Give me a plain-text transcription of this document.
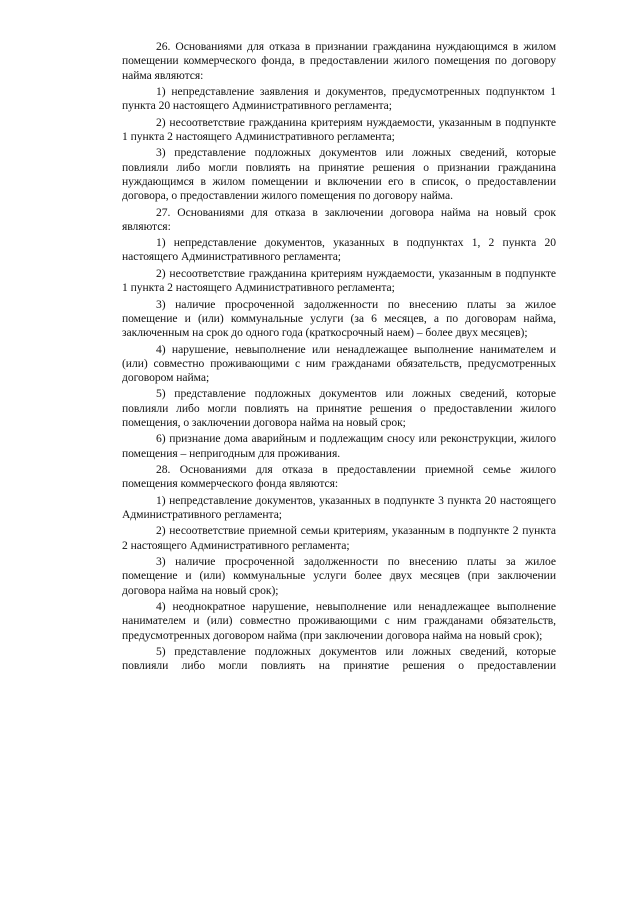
26. Основаниями для отказа в признании гражданина нуждающимся в жилом помещении коммерческого фонда, в предоставлении жилого помещения по договору найма являются:

1) непредставление заявления и документов, предусмотренных подпунктом 1 пункта 20 настоящего Административного регламента;

2) несоответствие гражданина критериям нуждаемости, указанным в подпункте 1 пункта 2 настоящего Административного регламента;

3) представление подложных документов или ложных сведений, которые повлияли либо могли повлиять на принятие решения о признании гражданина нуждающимся в жилом помещении и включении его в список, о предоставлении договора, о предоставлении жилого помещения по договору найма.

27. Основаниями для отказа в заключении договора найма на новый срок являются:

1) непредставление документов, указанных в подпунктах 1, 2 пункта 20 настоящего Административного регламента;

2) несоответствие гражданина критериям нуждаемости, указанным в подпункте 1 пункта 2 настоящего Административного регламента;

3) наличие просроченной задолженности по внесению платы за жилое помещение и (или) коммунальные услуги (за 6 месяцев, а по договорам найма, заключенным на срок до одного года (краткосрочный наем) – более двух месяцев);

4) нарушение, невыполнение или ненадлежащее выполнение нанимателем и (или) совместно проживающими с ним гражданами обязательств, предусмотренных договором найма;

5) представление подложных документов или ложных сведений, которые повлияли либо могли повлиять на принятие решения о предоставлении жилого помещения, о заключении договора найма на новый срок;

6) признание дома аварийным и подлежащим сносу или реконструкции, жилого помещения – непригодным для проживания.

28. Основаниями для отказа в предоставлении приемной семье жилого помещения коммерческого фонда являются:

1) непредставление документов, указанных в подпункте 3 пункта 20 настоящего Административного регламента;

2) несоответствие приемной семьи критериям, указанным в подпункте 2 пункта 2 настоящего Административного регламента;

3) наличие просроченной задолженности по внесению платы за жилое помещение и (или) коммунальные услуги более двух месяцев (при заключении договора найма на новый срок);

4) неоднократное нарушение, невыполнение или ненадлежащее выполнение нанимателем и (или) совместно проживающими с ним гражданами обязательств, предусмотренных договором найма (при заключении договора найма на новый срок);

5) представление подложных документов или ложных сведений, которые повлияли либо могли повлиять на принятие решения о предоставлении
